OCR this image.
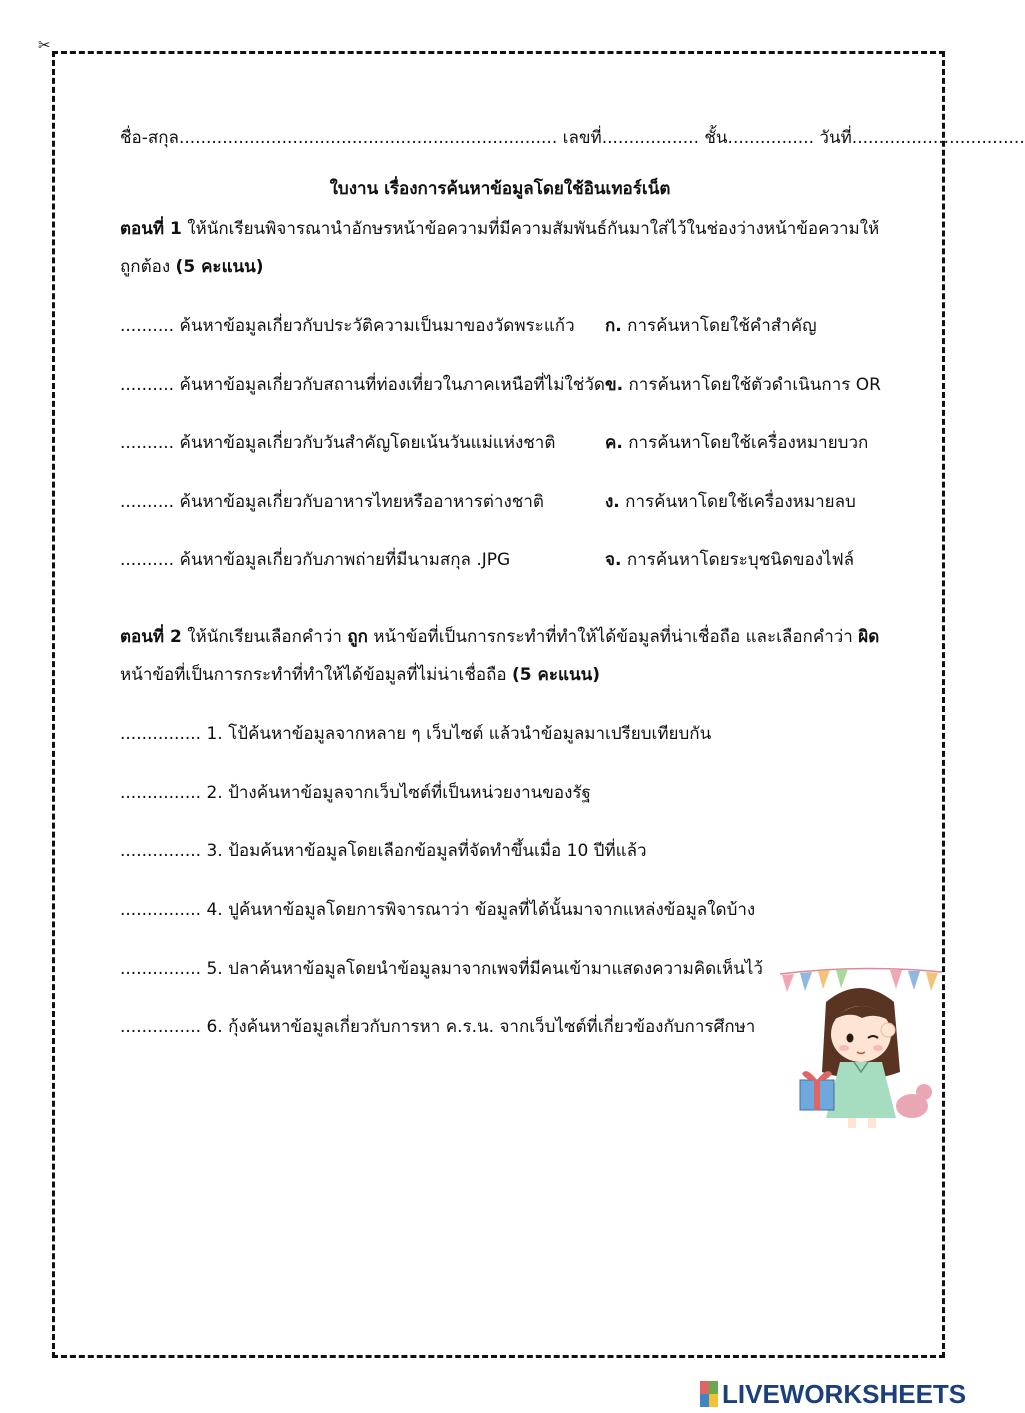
✂
ชื่อ-สกุล...................................................................... เลขที่.................. ชั้น................ วันที่................................
ใบงาน เรื่องการค้นหาข้อมูลโดยใช้อินเทอร์เน็ต
ตอนที่ 1 ให้นักเรียนพิจารณานำอักษรหน้าข้อความที่มีความสัมพันธ์กันมาใส่ไว้ในช่องว่างหน้าข้อความให้
ถูกต้อง (5 คะแนน)
.......... ค้นหาข้อมูลเกี่ยวกับประวัติความเป็นมาของวัดพระแก้ว
.......... ค้นหาข้อมูลเกี่ยวกับสถานที่ท่องเที่ยวในภาคเหนือที่ไม่ใช่วัด
.......... ค้นหาข้อมูลเกี่ยวกับวันสำคัญโดยเน้นวันแม่แห่งชาติ
.......... ค้นหาข้อมูลเกี่ยวกับอาหารไทยหรืออาหารต่างชาติ
.......... ค้นหาข้อมูลเกี่ยวกับภาพถ่ายที่มีนามสกุล .JPG
ก. การค้นหาโดยใช้คำสำคัญ
ข. การค้นหาโดยใช้ตัวดำเนินการ OR
ค. การค้นหาโดยใช้เครื่องหมายบวก
ง. การค้นหาโดยใช้เครื่องหมายลบ
จ. การค้นหาโดยระบุชนิดของไฟล์
ตอนที่ 2 ให้นักเรียนเลือกคำว่า ถูก หน้าข้อที่เป็นการกระทำที่ทำให้ได้ข้อมูลที่น่าเชื่อถือ และเลือกคำว่า ผิด
หน้าข้อที่เป็นการกระทำที่ทำให้ได้ข้อมูลที่ไม่น่าเชื่อถือ (5 คะแนน)
............... 1. โป้ค้นหาข้อมูลจากหลาย ๆ เว็บไซต์ แล้วนำข้อมูลมาเปรียบเทียบกัน
............... 2. ป้างค้นหาข้อมูลจากเว็บไซต์ที่เป็นหน่วยงานของรัฐ
............... 3. ป้อมค้นหาข้อมูลโดยเลือกข้อมูลที่จัดทำขึ้นเมื่อ 10 ปีที่แล้ว
............... 4. ปูค้นหาข้อมูลโดยการพิจารณาว่า ข้อมูลที่ได้นั้นมาจากแหล่งข้อมูลใดบ้าง
............... 5. ปลาค้นหาข้อมูลโดยนำข้อมูลมาจากเพจที่มีคนเข้ามาแสดงความคิดเห็นไว้
............... 6. กุ้งค้นหาข้อมูลเกี่ยวกับการหา ค.ร.น. จากเว็บไซต์ที่เกี่ยวข้องกับการศึกษา
LIVEWORKSHEETS
